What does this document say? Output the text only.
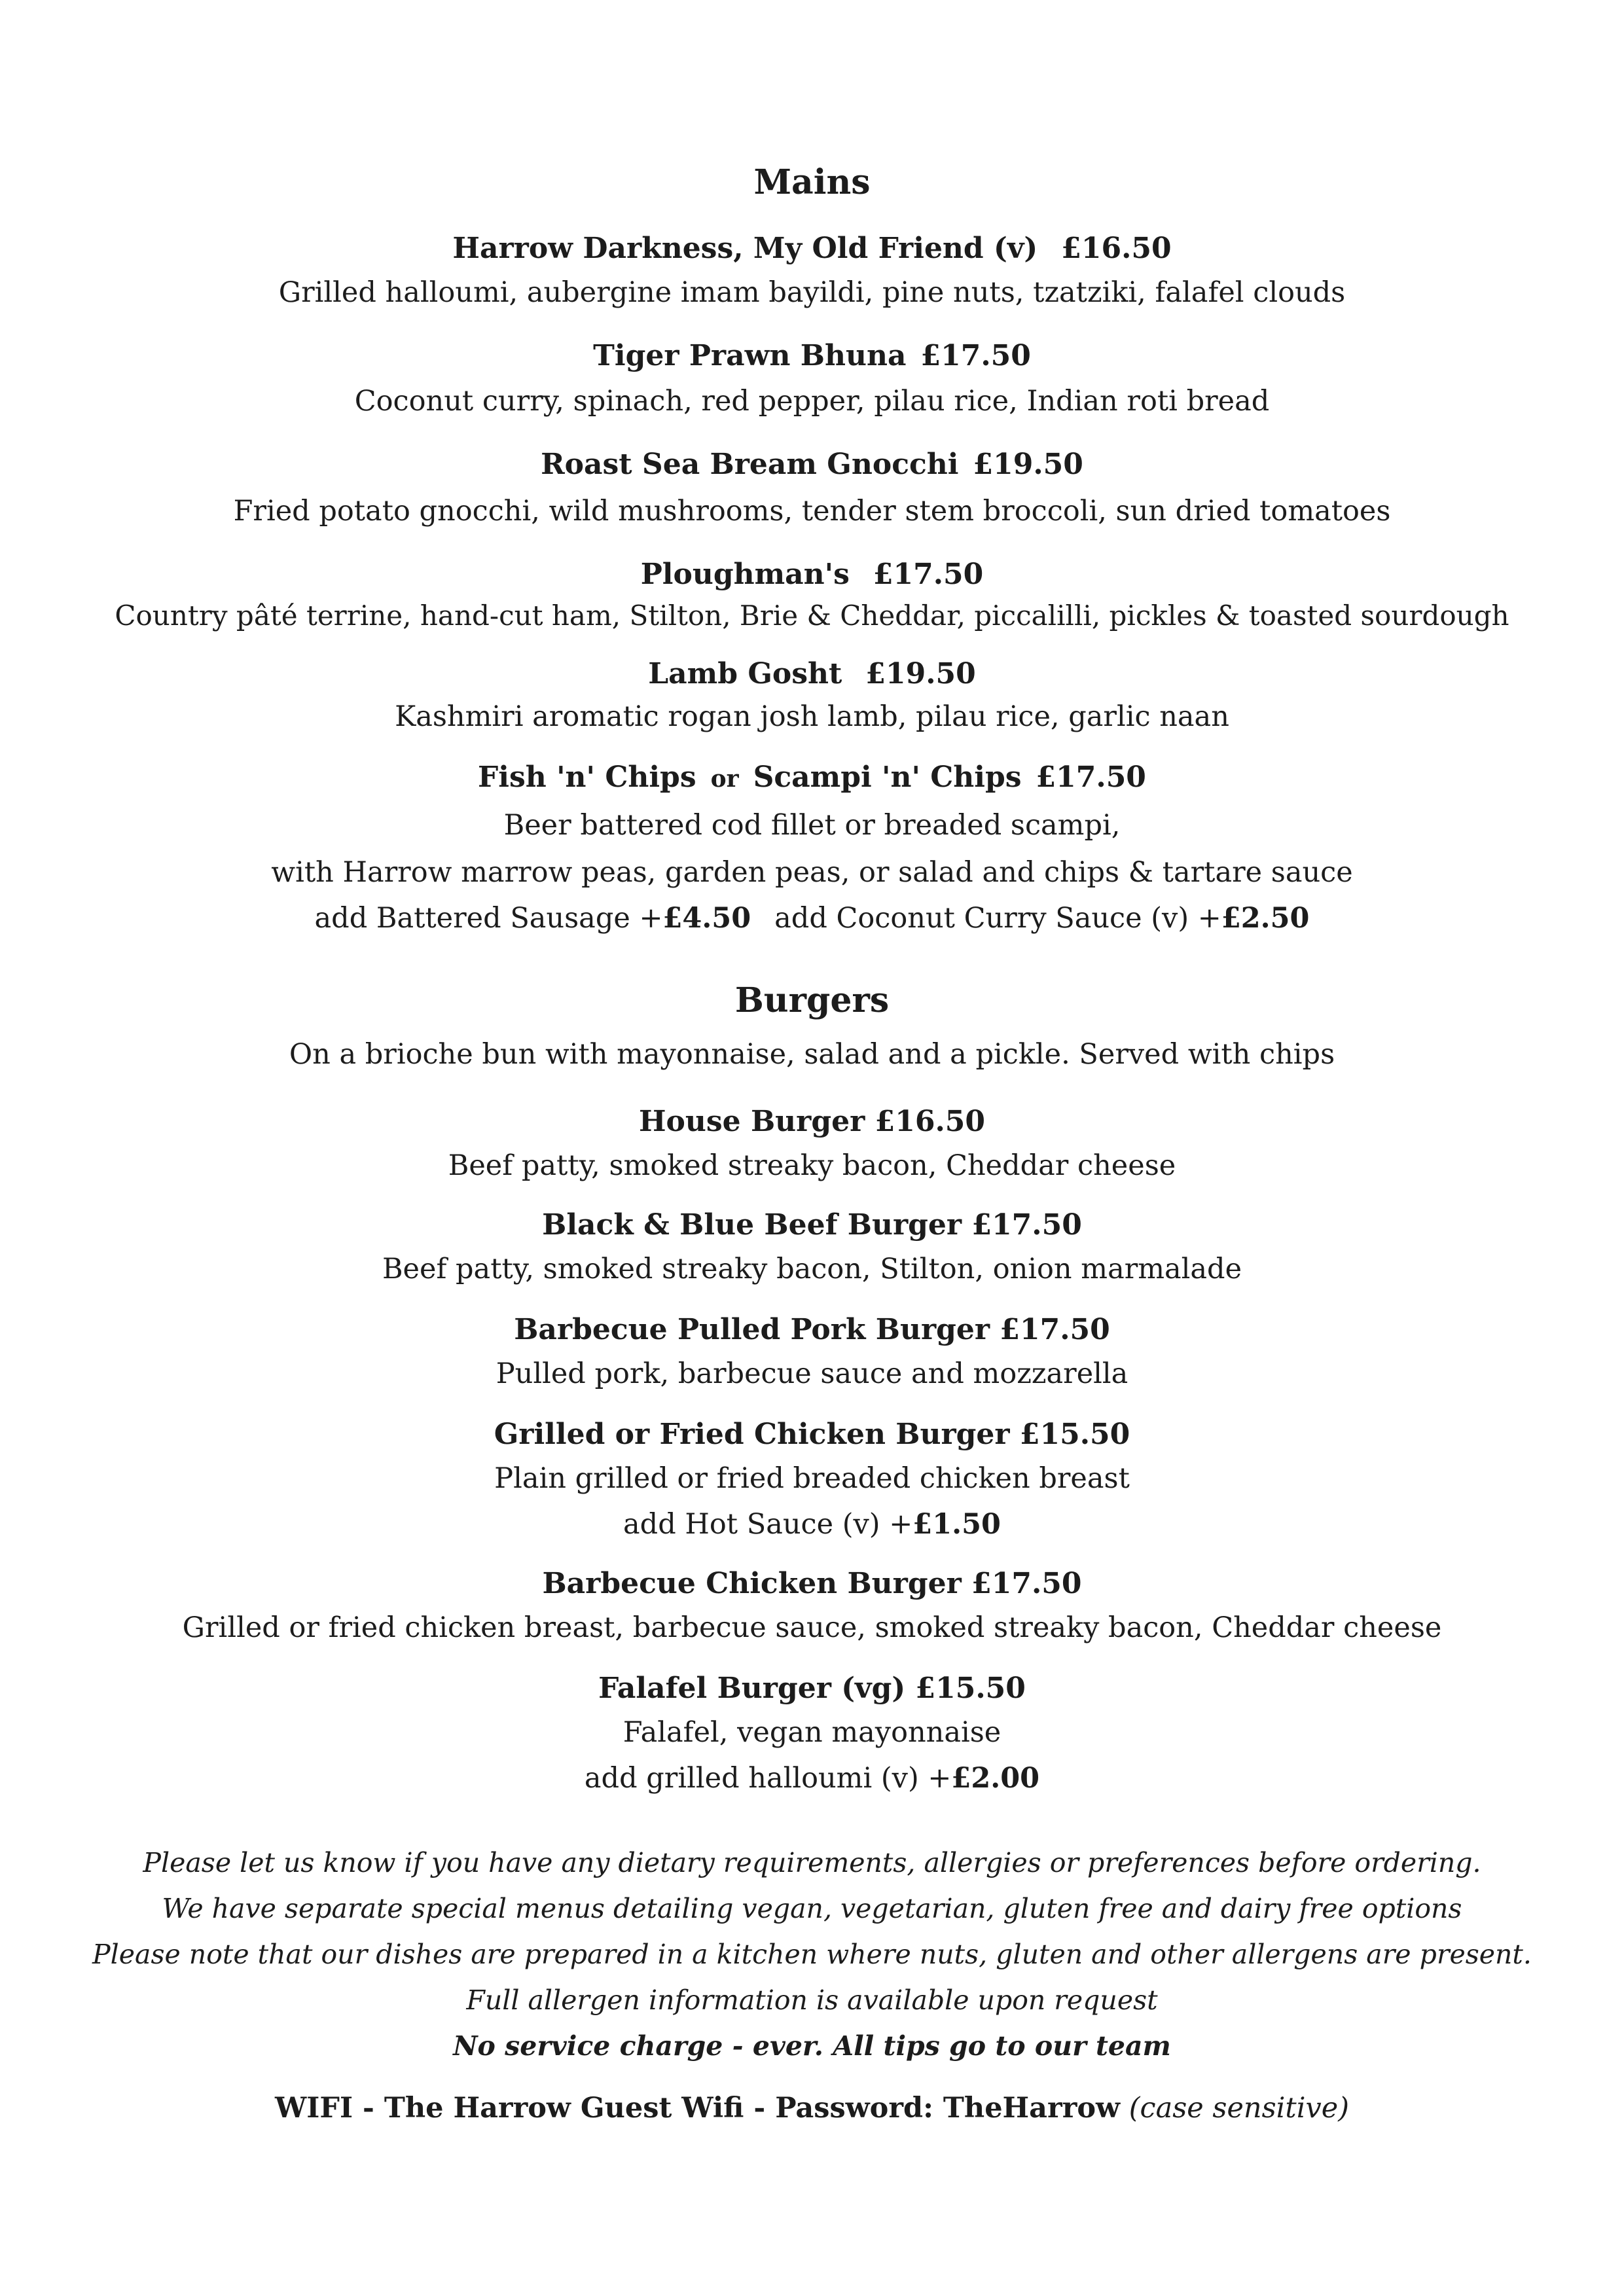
Mains
Harrow Darkness, My Old Friend (v) £16.50
Grilled halloumi, aubergine imam bayildi, pine nuts, tzatziki, falafel clouds
Tiger Prawn Bhuna £17.50
Coconut curry, spinach, red pepper, pilau rice, Indian roti bread
Roast Sea Bream Gnocchi £19.50
Fried potato gnocchi, wild mushrooms, tender stem broccoli, sun dried tomatoes
Ploughman's £17.50
Country pâté terrine, hand-cut ham, Stilton, Brie & Cheddar, piccalilli, pickles & toasted sourdough
Lamb Gosht £19.50
Kashmiri aromatic rogan josh lamb, pilau rice, garlic naan
Fish 'n' Chips or Scampi 'n' Chips £17.50
Beer battered cod fillet or breaded scampi,
with Harrow marrow peas, garden peas, or salad and chips & tartare sauce
add Battered Sausage +£4.50 add Coconut Curry Sauce (v) +£2.50
Burgers
On a brioche bun with mayonnaise, salad and a pickle. Served with chips
House Burger £16.50
Beef patty, smoked streaky bacon, Cheddar cheese
Black & Blue Beef Burger £17.50
Beef patty, smoked streaky bacon, Stilton, onion marmalade
Barbecue Pulled Pork Burger £17.50
Pulled pork, barbecue sauce and mozzarella
Grilled or Fried Chicken Burger £15.50
Plain grilled or fried breaded chicken breast
add Hot Sauce (v) +£1.50
Barbecue Chicken Burger £17.50
Grilled or fried chicken breast, barbecue sauce, smoked streaky bacon, Cheddar cheese
Falafel Burger (vg) £15.50
Falafel, vegan mayonnaise
add grilled halloumi (v) +£2.00
Please let us know if you have any dietary requirements, allergies or preferences before ordering.
We have separate special menus detailing vegan, vegetarian, gluten free and dairy free options
Please note that our dishes are prepared in a kitchen where nuts, gluten and other allergens are present.
Full allergen information is available upon request
No service charge - ever. All tips go to our team
WIFI - The Harrow Guest Wifi - Password: TheHarrow (case sensitive)
